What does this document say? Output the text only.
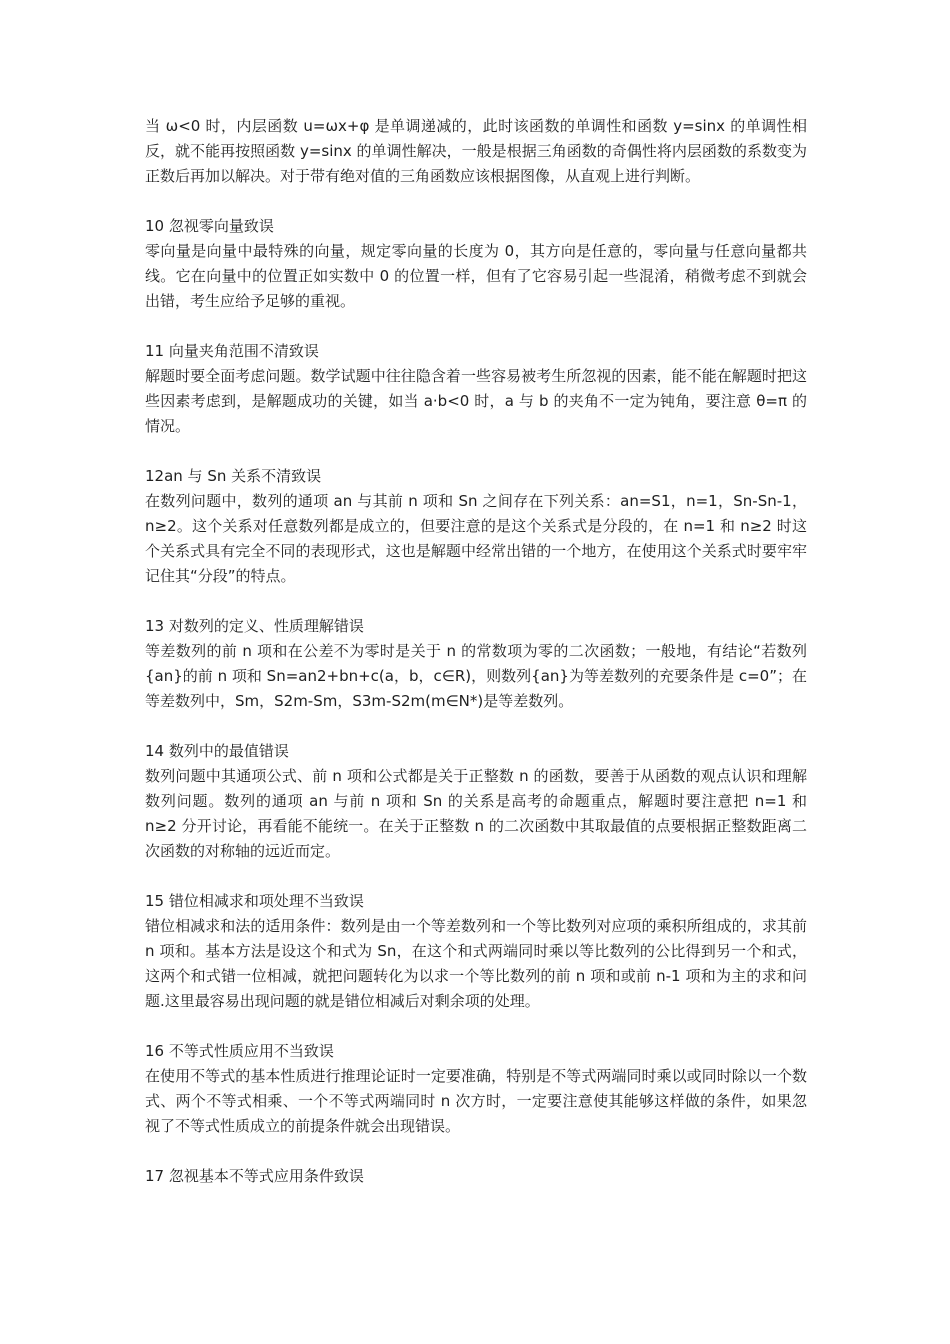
当 ω<0 时，内层函数 u=ωx+φ 是单调递减的，此时该函数的单调性和函数 y=sinx 的单调性相反，就不能再按照函数 y=sinx 的单调性解决，一般是根据三角函数的奇偶性将内层函数的系数变为正数后再加以解决。对于带有绝对值的三角函数应该根据图像，从直观上进行判断。

10 忽视零向量致误

零向量是向量中最特殊的向量，规定零向量的长度为 0，其方向是任意的，零向量与任意向量都共线。它在向量中的位置正如实数中 0 的位置一样，但有了它容易引起一些混淆，稍微考虑不到就会出错，考生应给予足够的重视。

11 向量夹角范围不清致误

解题时要全面考虑问题。数学试题中往往隐含着一些容易被考生所忽视的因素，能不能在解题时把这些因素考虑到，是解题成功的关键，如当 a·b<0 时，a 与 b 的夹角不一定为钝角，要注意 θ=π 的情况。

12an 与 Sn 关系不清致误

在数列问题中，数列的通项 an 与其前 n 项和 Sn 之间存在下列关系：an=S1，n=1，Sn-Sn-1，n≥2。这个关系对任意数列都是成立的，但要注意的是这个关系式是分段的，在 n=1 和 n≥2 时这个关系式具有完全不同的表现形式，这也是解题中经常出错的一个地方，在使用这个关系式时要牢牢记住其“分段”的特点。

13 对数列的定义、性质理解错误

等差数列的前 n 项和在公差不为零时是关于 n 的常数项为零的二次函数；一般地，有结论“若数列{an}的前 n 项和 Sn=an2+bn+c(a，b，c∈R)，则数列{an}为等差数列的充要条件是 c=0”；在等差数列中，Sm，S2m-Sm，S3m-S2m(m∈N*)是等差数列。

14 数列中的最值错误

数列问题中其通项公式、前 n 项和公式都是关于正整数 n 的函数，要善于从函数的观点认识和理解数列问题。数列的通项 an 与前 n 项和 Sn 的关系是高考的命题重点，解题时要注意把 n=1 和 n≥2 分开讨论，再看能不能统一。在关于正整数 n 的二次函数中其取最值的点要根据正整数距离二次函数的对称轴的远近而定。

15 错位相减求和项处理不当致误

错位相减求和法的适用条件：数列是由一个等差数列和一个等比数列对应项的乘积所组成的，求其前 n 项和。基本方法是设这个和式为 Sn，在这个和式两端同时乘以等比数列的公比得到另一个和式，这两个和式错一位相减，就把问题转化为以求一个等比数列的前 n 项和或前 n-1 项和为主的求和问题.这里最容易出现问题的就是错位相减后对剩余项的处理。

16 不等式性质应用不当致误

在使用不等式的基本性质进行推理论证时一定要准确，特别是不等式两端同时乘以或同时除以一个数式、两个不等式相乘、一个不等式两端同时 n 次方时，一定要注意使其能够这样做的条件，如果忽视了不等式性质成立的前提条件就会出现错误。

17 忽视基本不等式应用条件致误
